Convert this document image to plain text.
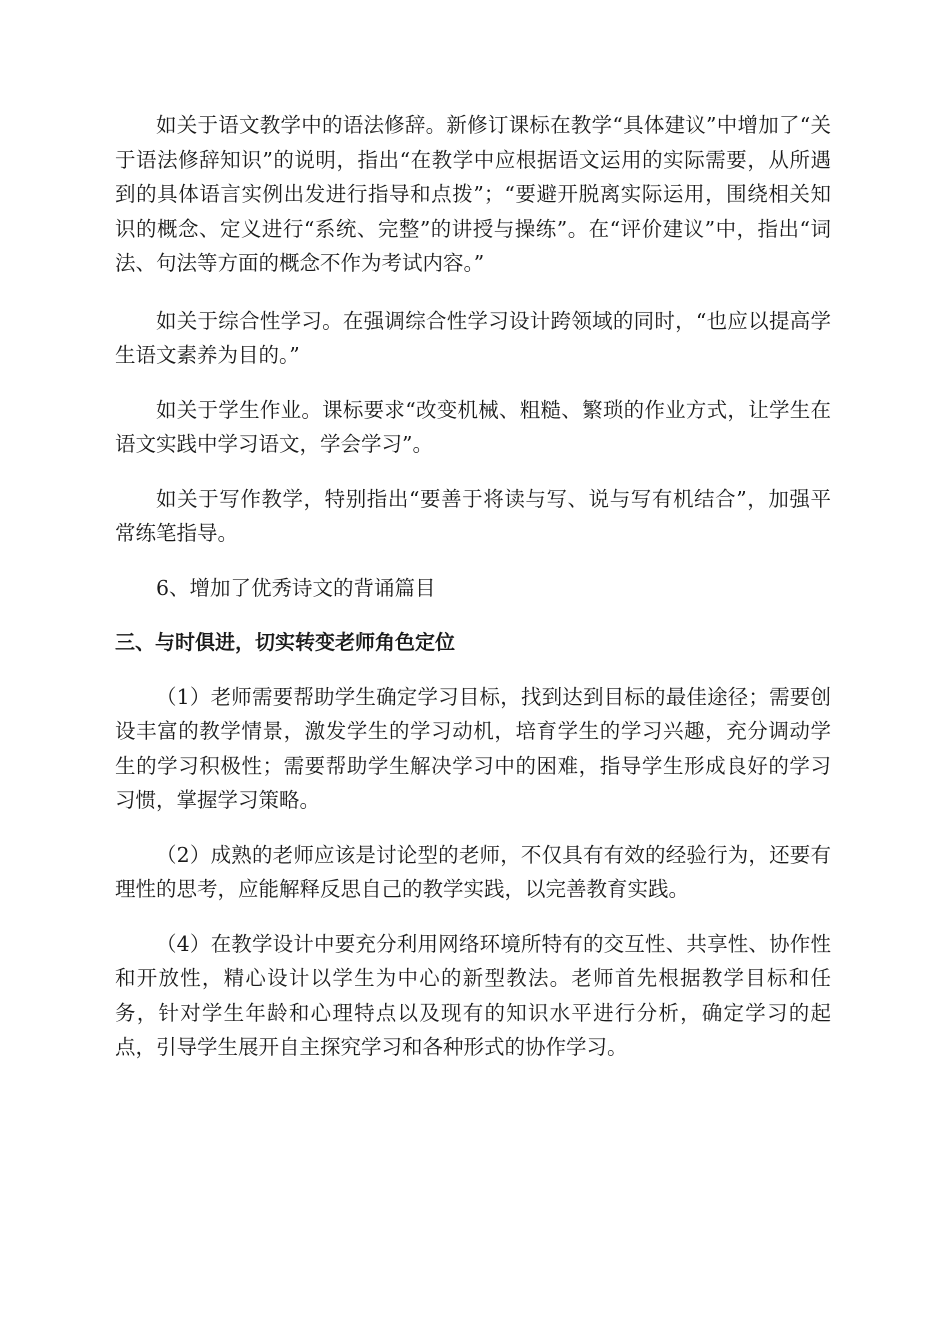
如关于语文教学中的语法修辞。新修订课标在教学“具体建议”中增加了“关于语法修辞知识”的说明，指出“在教学中应根据语文运用的实际需要，从所遇到的具体语言实例出发进行指导和点拨”；“要避开脱离实际运用，围绕相关知识的概念、定义进行“系统、完整”的讲授与操练”。在“评价建议”中，指出“词法、句法等方面的概念不作为考试内容。”

如关于综合性学习。在强调综合性学习设计跨领域的同时，“也应以提高学生语文素养为目的。”

如关于学生作业。课标要求“改变机械、粗糙、繁琐的作业方式，让学生在语文实践中学习语文，学会学习”。

如关于写作教学，特别指出“要善于将读与写、说与写有机结合”，加强平常练笔指导。

6、增加了优秀诗文的背诵篇目

三、与时俱进，切实转变老师角色定位

（1）老师需要帮助学生确定学习目标，找到达到目标的最佳途径；需要创设丰富的教学情景，激发学生的学习动机，培育学生的学习兴趣，充分调动学生的学习积极性；需要帮助学生解决学习中的困难，指导学生形成良好的学习习惯，掌握学习策略。

（2）成熟的老师应该是讨论型的老师，不仅具有有效的经验行为，还要有理性的思考，应能解释反思自己的教学实践，以完善教育实践。

（4）在教学设计中要充分利用网络环境所特有的交互性、共享性、协作性和开放性，精心设计以学生为中心的新型教法。老师首先根据教学目标和任务，针对学生年龄和心理特点以及现有的知识水平进行分析，确定学习的起点，引导学生展开自主探究学习和各种形式的协作学习。
